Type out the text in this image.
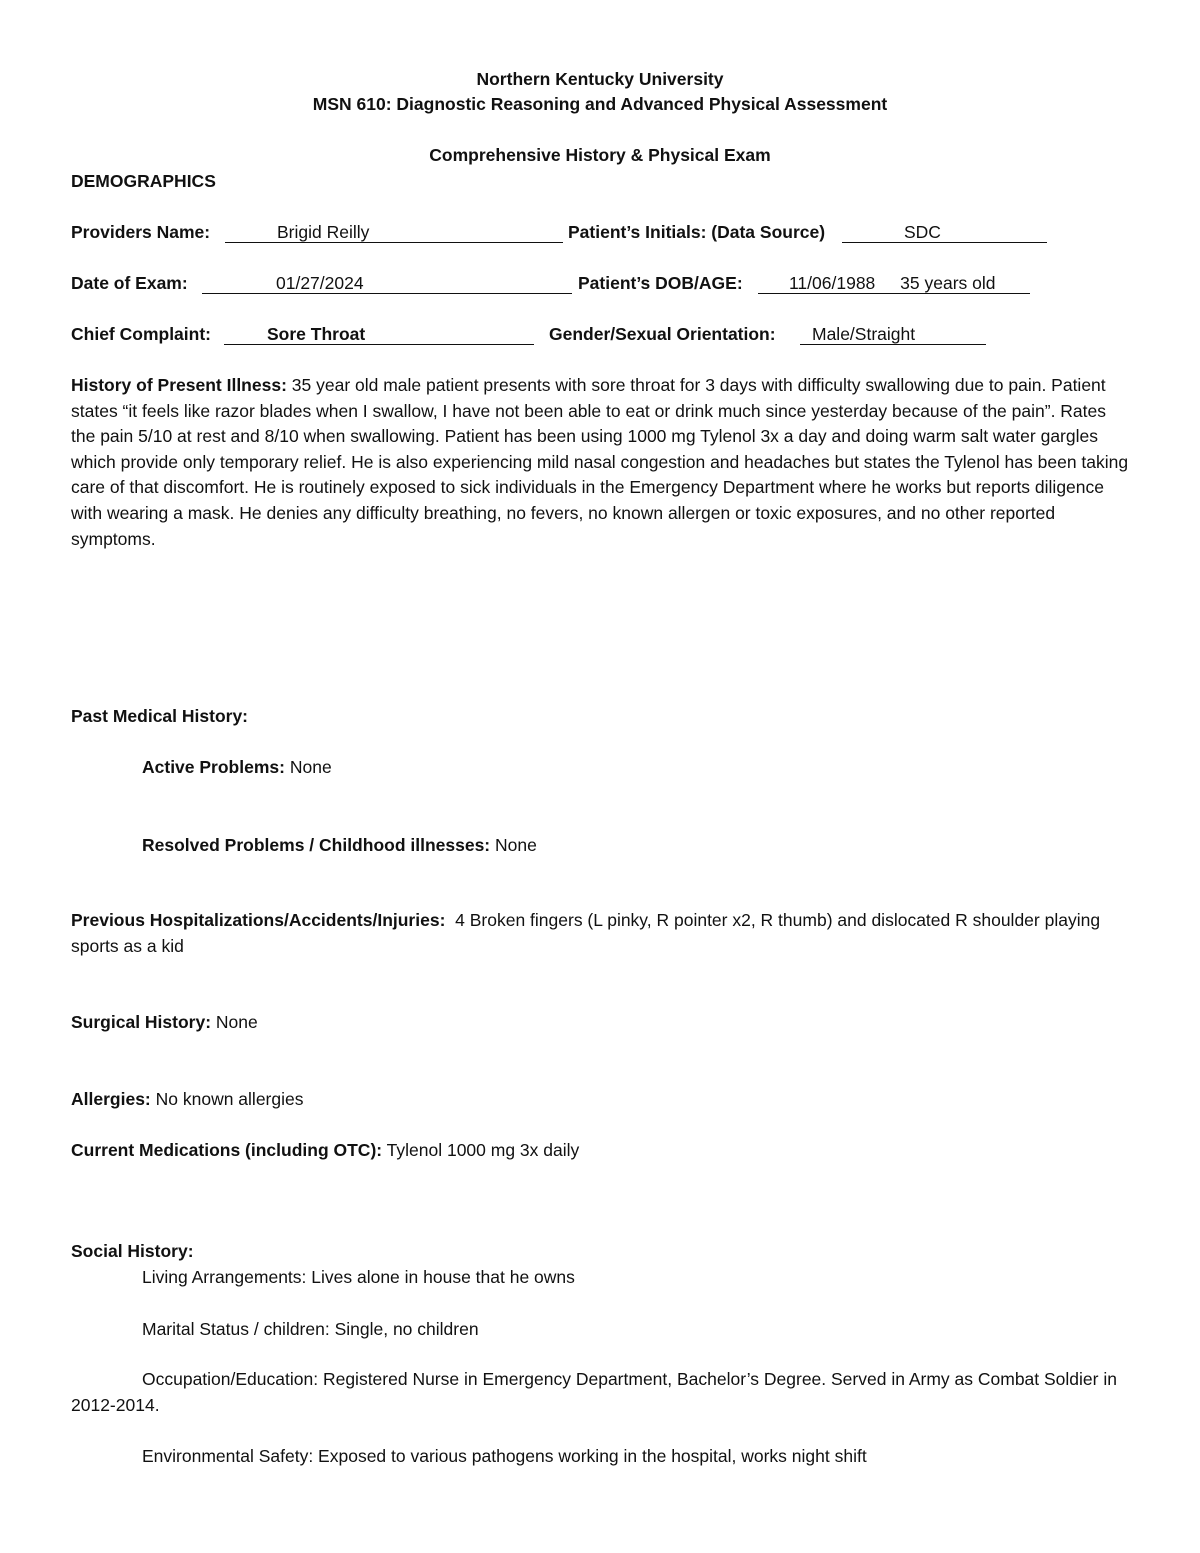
Northern Kentucky University
MSN 610: Diagnostic Reasoning and Advanced Physical Assessment
Comprehensive History & Physical Exam
DEMOGRAPHICS
Providers Name:	Brigid Reilly	Patient’s Initials: (Data Source)	SDC
Date of Exam:	01/27/2024	Patient’s DOB/AGE:	11/06/1988 35 years old
Chief Complaint:	Sore Throat	Gender/Sexual Orientation:	Male/Straight

History of Present Illness: 35 year old male patient presents with sore throat for 3 days with difficulty swallowing due to pain. Patient states “it feels like razor blades when I swallow, I have not been able to eat or drink much since yesterday because of the pain”. Rates the pain 5/10 at rest and 8/10 when swallowing. Patient has been using 1000 mg Tylenol 3x a day and doing warm salt water gargles which provide only temporary relief. He is also experiencing mild nasal congestion and headaches but states the Tylenol has been taking care of that discomfort. He is routinely exposed to sick individuals in the Emergency Department where he works but reports diligence with wearing a mask. He denies any difficulty breathing, no fevers, no known allergen or toxic exposures, and no other reported symptoms.

Past Medical History:
Active Problems: None
Resolved Problems / Childhood illnesses: None

Previous Hospitalizations/Accidents/Injuries: 4 Broken fingers (L pinky, R pointer x2, R thumb) and dislocated R shoulder playing sports as a kid

Surgical History: None
Allergies: No known allergies
Current Medications (including OTC): Tylenol 1000 mg 3x daily
Social History:
Living Arrangements: Lives alone in house that he owns
Marital Status / children: Single, no children

Occupation/Education: Registered Nurse in Emergency Department, Bachelor’s Degree. Served in Army as Combat Soldier in 2012-2014.

Environmental Safety: Exposed to various pathogens working in the hospital, works night shift
